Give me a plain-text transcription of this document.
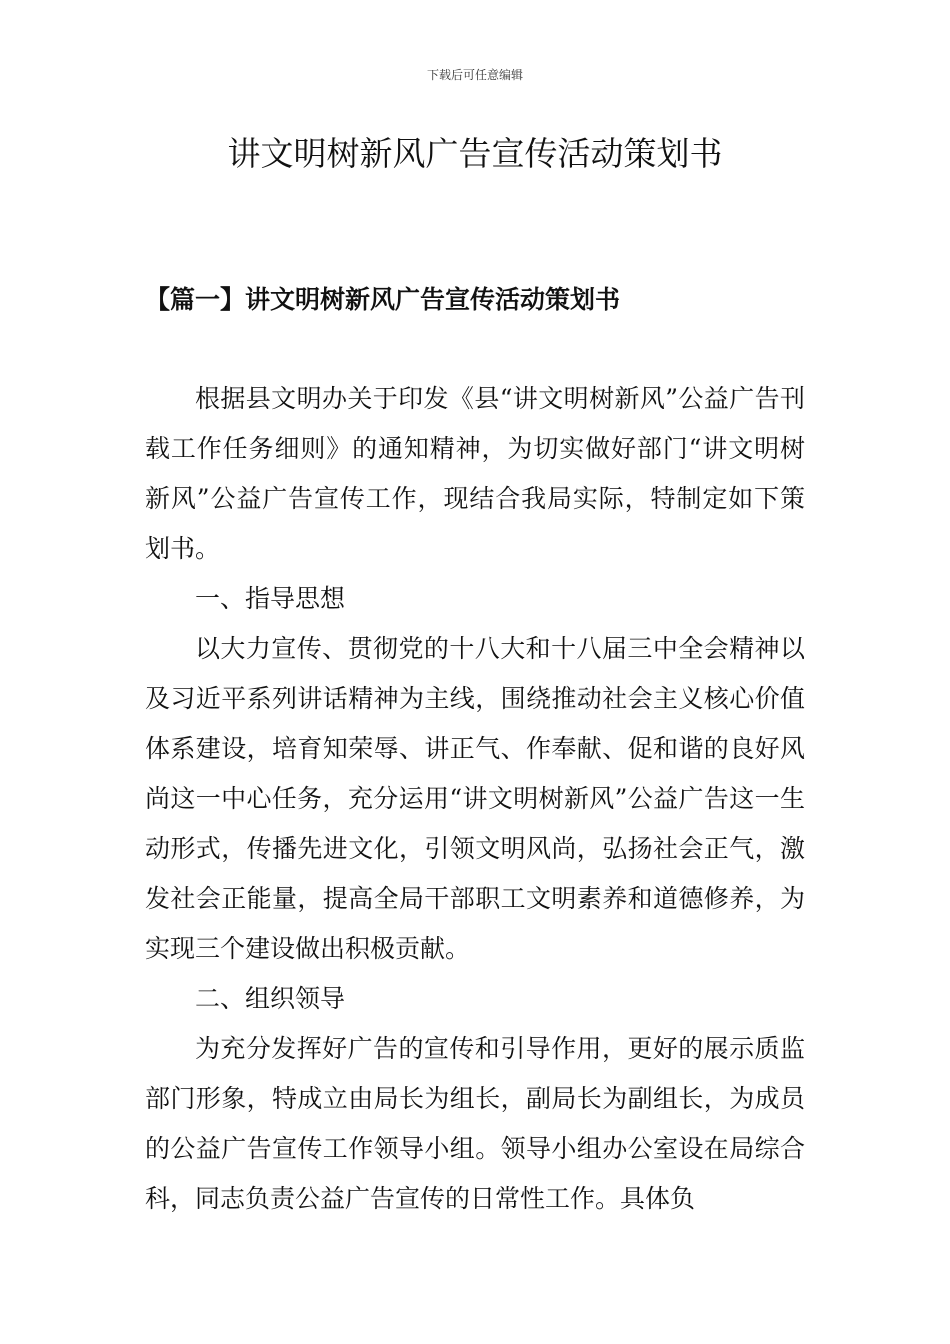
下载后可任意编辑
讲文明树新风广告宣传活动策划书
【篇一】讲文明树新风广告宣传活动策划书

根据县文明办关于印发《县“讲文明树新风”公益广告刊载工作任务细则》的通知精神，为切实做好部门“讲文明树新风”公益广告宣传工作，现结合我局实际，特制定如下策划书。

一、指导思想

以大力宣传、贯彻党的十八大和十八届三中全会精神以及习近平系列讲话精神为主线，围绕推动社会主义核心价值体系建设，培育知荣辱、讲正气、作奉献、促和谐的良好风尚这一中心任务，充分运用“讲文明树新风”公益广告这一生动形式，传播先进文化，引领文明风尚，弘扬社会正气，激发社会正能量，提高全局干部职工文明素养和道德修养，为实现三个建设做出积极贡献。

二、组织领导

为充分发挥好广告的宣传和引导作用，更好的展示质监部门形象，特成立由局长为组长，副局长为副组长，为成员的公益广告宣传工作领导小组。领导小组办公室设在局综合科，同志负责公益广告宣传的日常性工作。具体负
